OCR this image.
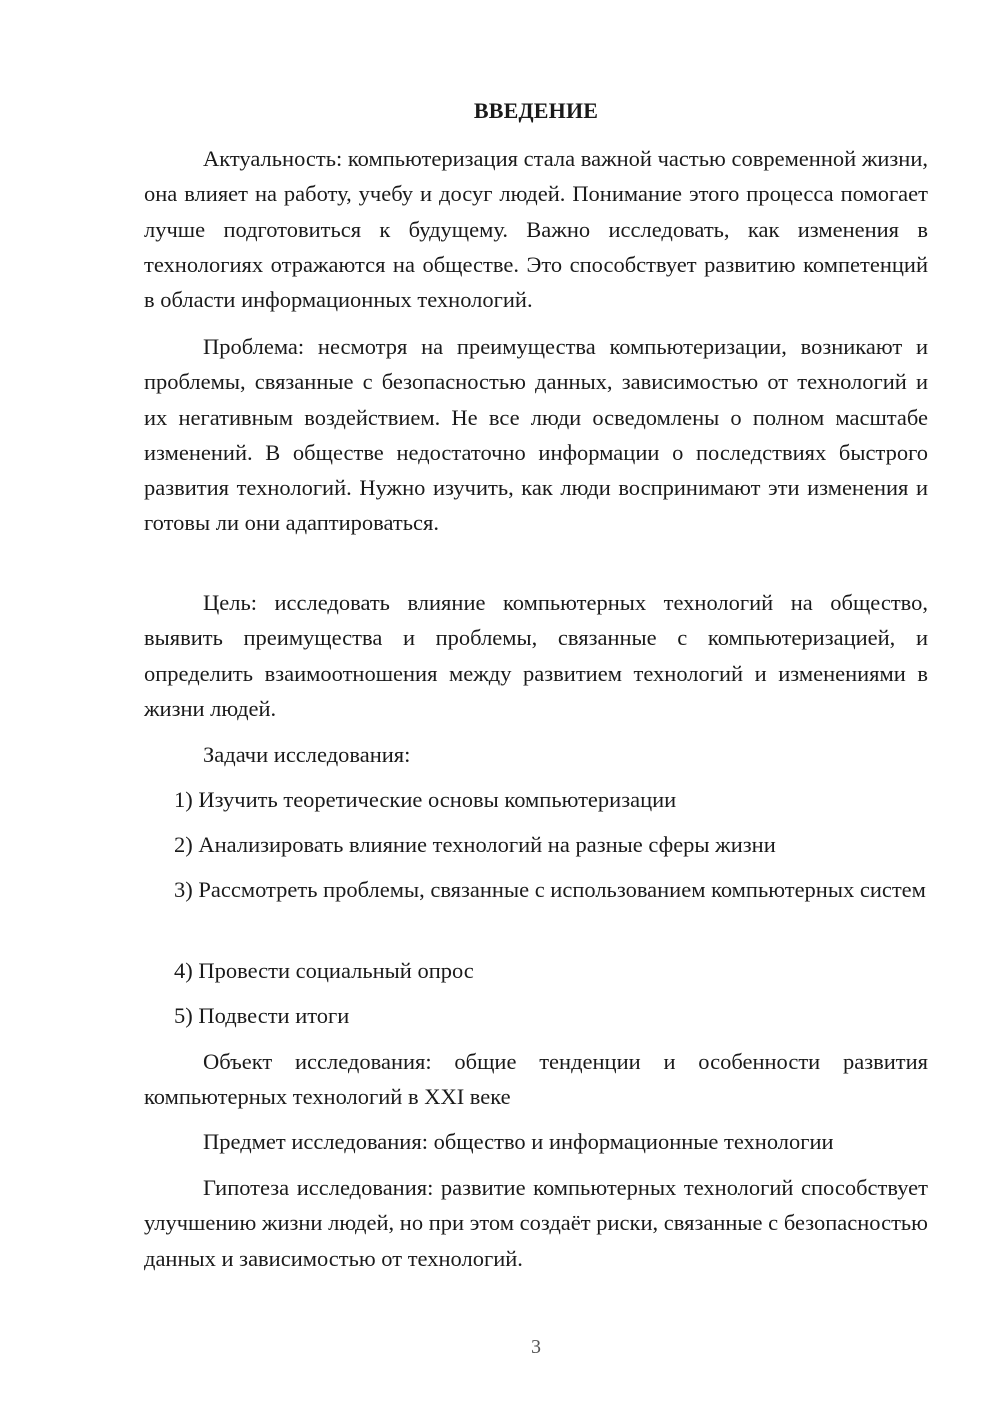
ВВЕДЕНИЕ

Актуальность: компьютеризация стала важной частью современной жизни, она влияет на работу, учебу и досуг людей. Понимание этого процесса помогает лучше подготовиться к будущему. Важно исследовать, как изменения в технологиях отражаются на обществе. Это способствует развитию компетенций в области информационных технологий.

Проблема: несмотря на преимущества компьютеризации, возникают и проблемы, связанные с безопасностью данных, зависимостью от технологий и их негативным воздействием. Не все люди осведомлены о полном масштабе изменений. В обществе недостаточно информации о последствиях быстрого развития технологий. Нужно изучить, как люди воспринимают эти изменения и готовы ли они адаптироваться.

Цель: исследовать влияние компьютерных технологий на общество, выявить преимущества и проблемы, связанные с компьютеризацией, и определить взаимоотношения между развитием технологий и изменениями в жизни людей.

Задачи исследования:

1) Изучить теоретические основы компьютеризации

2) Анализировать влияние технологий на разные сферы жизни

3) Рассмотреть проблемы, связанные с использованием компьютерных систем

4) Провести социальный опрос

5) Подвести итоги

Объект исследования: общие тенденции и особенности развития компьютерных технологий в XXI веке

Предмет исследования: общество и информационные технологии

Гипотеза исследования: развитие компьютерных технологий способствует улучшению жизни людей, но при этом создаёт риски, связанные с безопасностью данных и зависимостью от технологий.

3
